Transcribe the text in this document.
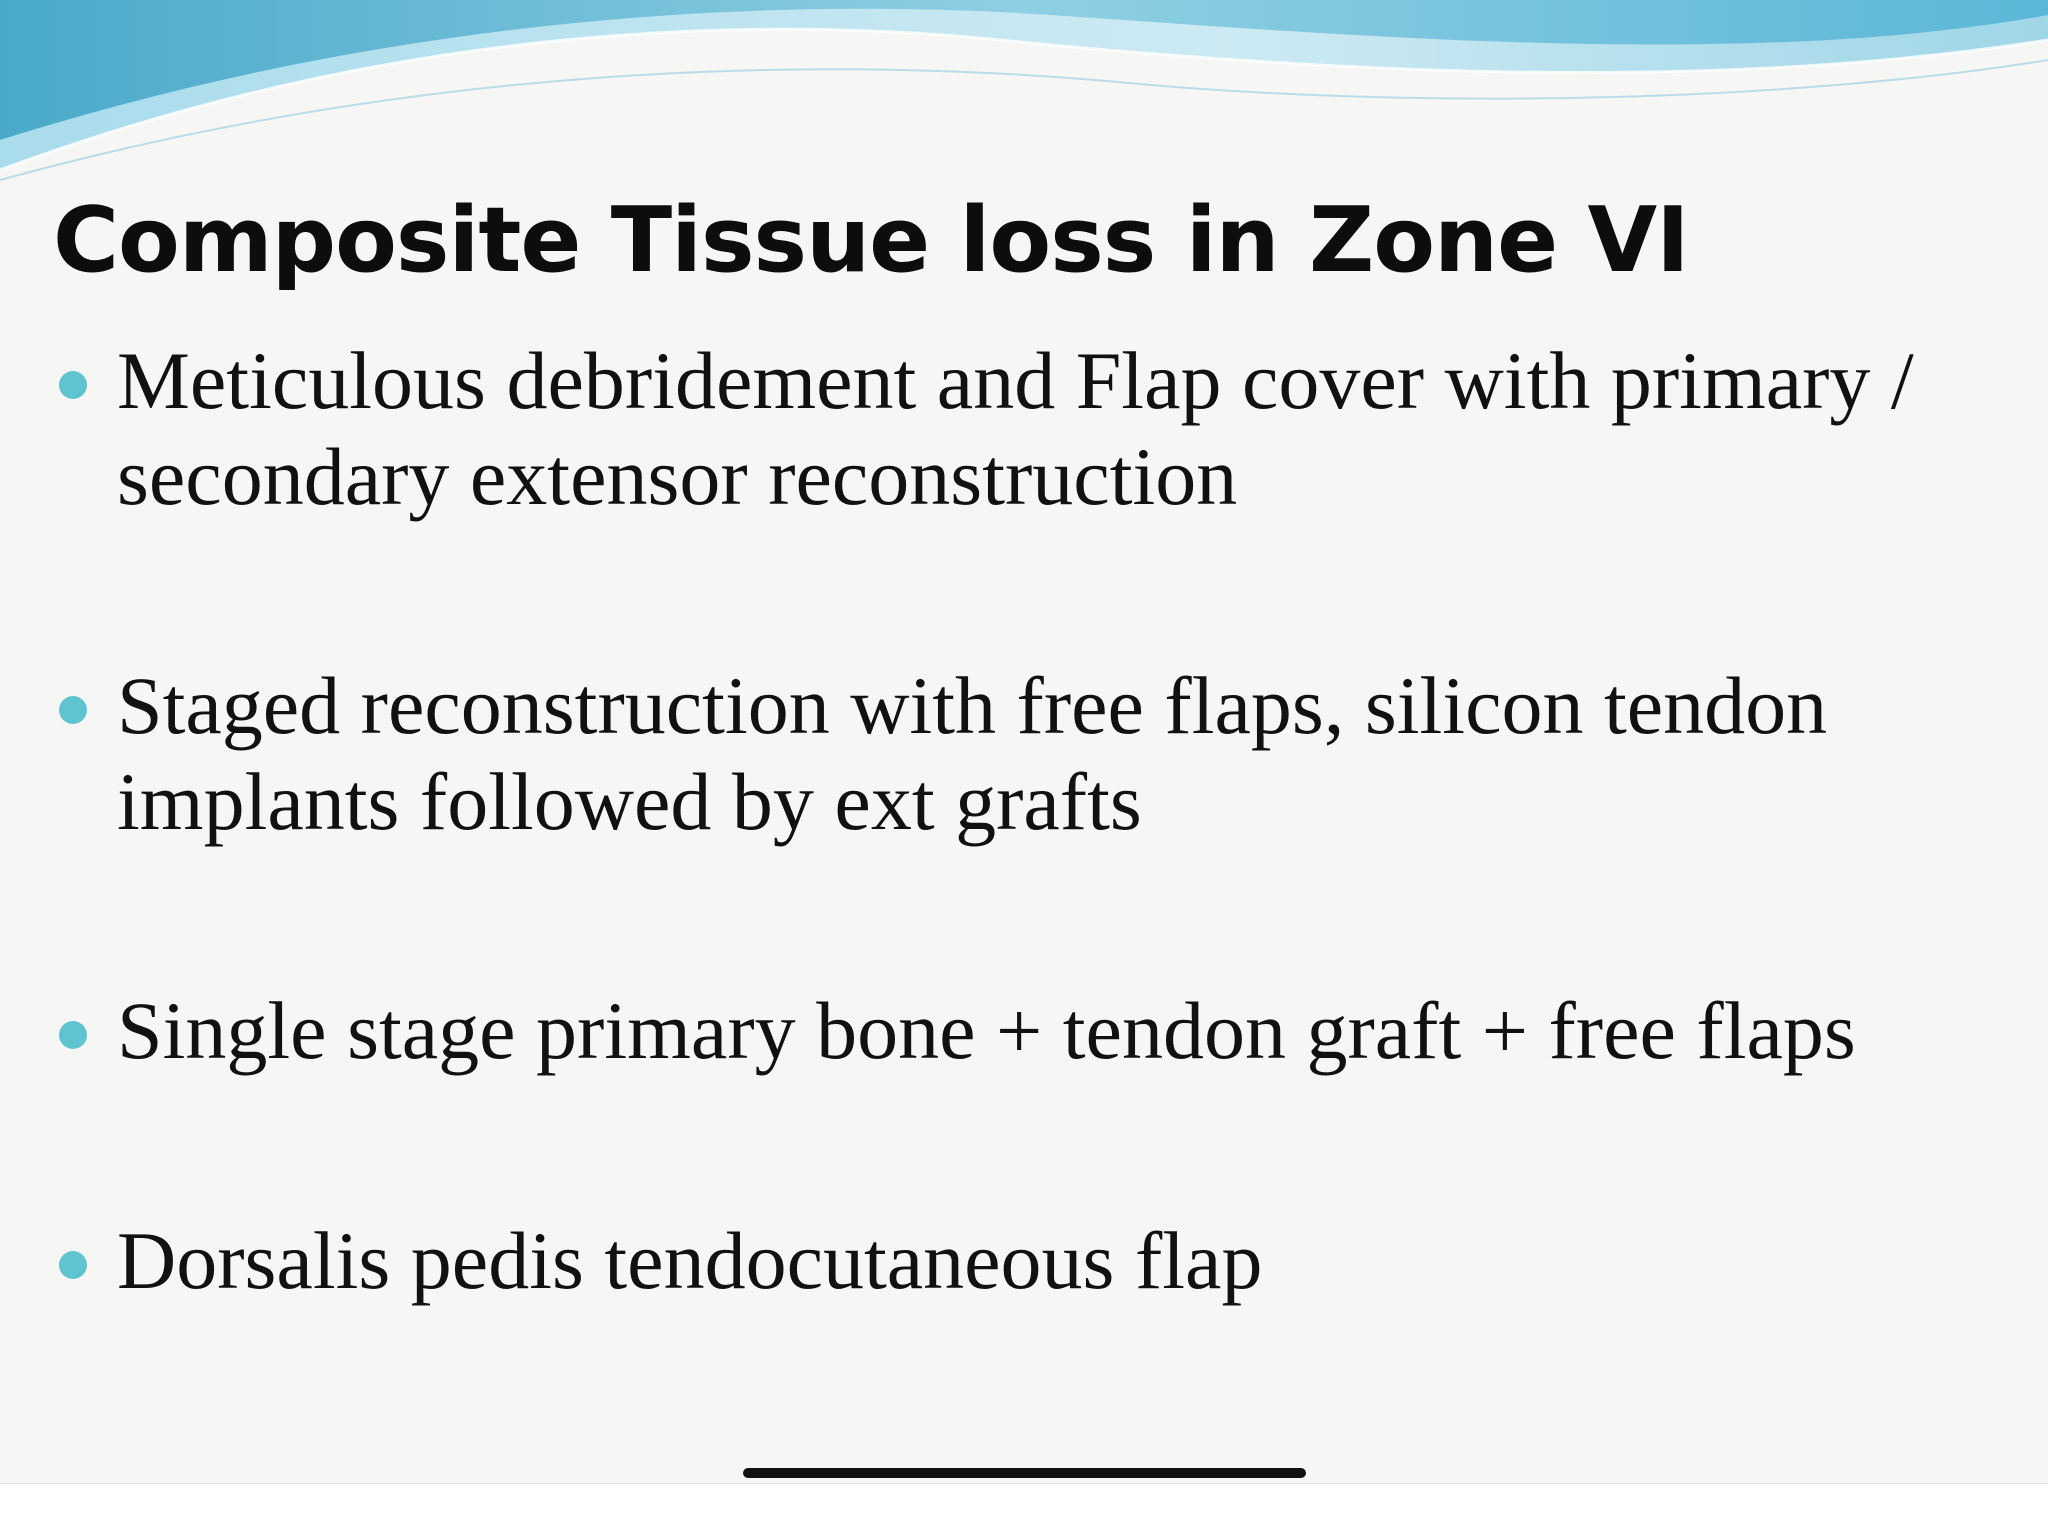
Composite Tissue loss in Zone VI
Meticulous debridement and Flap cover with primary / secondary extensor reconstruction
Staged reconstruction with free flaps, silicon tendon implants followed by ext grafts
Single stage primary bone + tendon graft + free flaps
Dorsalis pedis tendocutaneous flap
